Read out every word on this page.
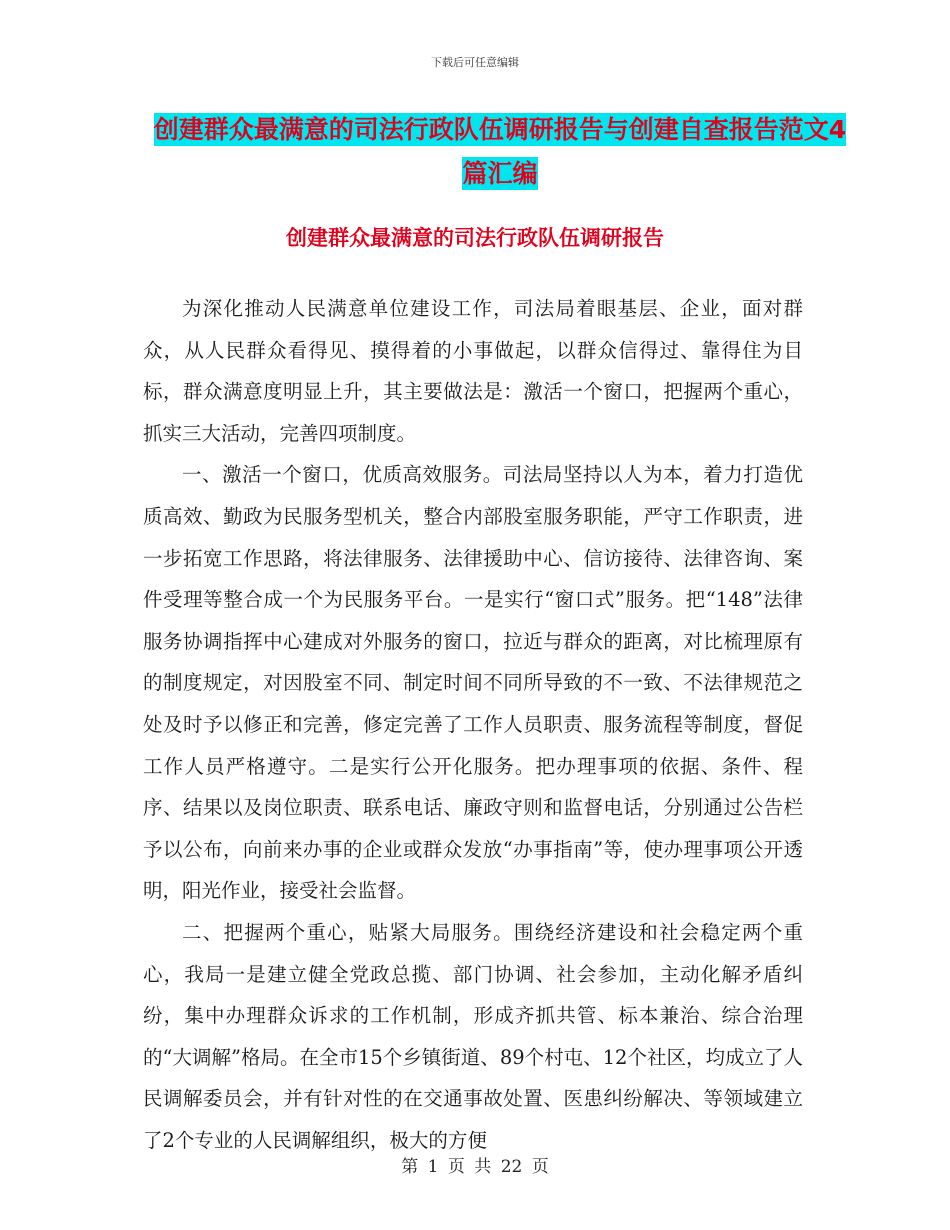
下载后可任意编辑
创建群众最满意的司法行政队伍调研报告与创建自查报告范文4篇汇编
创建群众最满意的司法行政队伍调研报告

为深化推动人民满意单位建设工作，司法局着眼基层、企业，面对群众，从人民群众看得见、摸得着的小事做起，以群众信得过、靠得住为目标，群众满意度明显上升，其主要做法是：激活一个窗口，把握两个重心，抓实三大活动，完善四项制度。

一、激活一个窗口，优质高效服务。司法局坚持以人为本，着力打造优质高效、勤政为民服务型机关，整合内部股室服务职能，严守工作职责，进一步拓宽工作思路，将法律服务、法律援助中心、信访接待、法律咨询、案件受理等整合成一个为民服务平台。一是实行“窗口式”服务。把“148”法律服务协调指挥中心建成对外服务的窗口，拉近与群众的距离，对比梳理原有的制度规定，对因股室不同、制定时间不同所导致的不一致、不法律规范之处及时予以修正和完善，修定完善了工作人员职责、服务流程等制度，督促工作人员严格遵守。二是实行公开化服务。把办理事项的依据、条件、程序、结果以及岗位职责、联系电话、廉政守则和监督电话，分别通过公告栏予以公布，向前来办事的企业或群众发放“办事指南”等，使办理事项公开透明，阳光作业，接受社会监督。

二、把握两个重心，贴紧大局服务。围绕经济建设和社会稳定两个重心，我局一是建立健全党政总揽、部门协调、社会参加，主动化解矛盾纠纷，集中办理群众诉求的工作机制，形成齐抓共管、标本兼治、综合治理的“大调解”格局。在全市15个乡镇街道、89个村屯、12个社区，均成立了人民调解委员会，并有针对性的在交通事故处置、医患纠纷解决、等领域建立了2个专业的人民调解组织，极大的方便

第 1 页 共 22 页
